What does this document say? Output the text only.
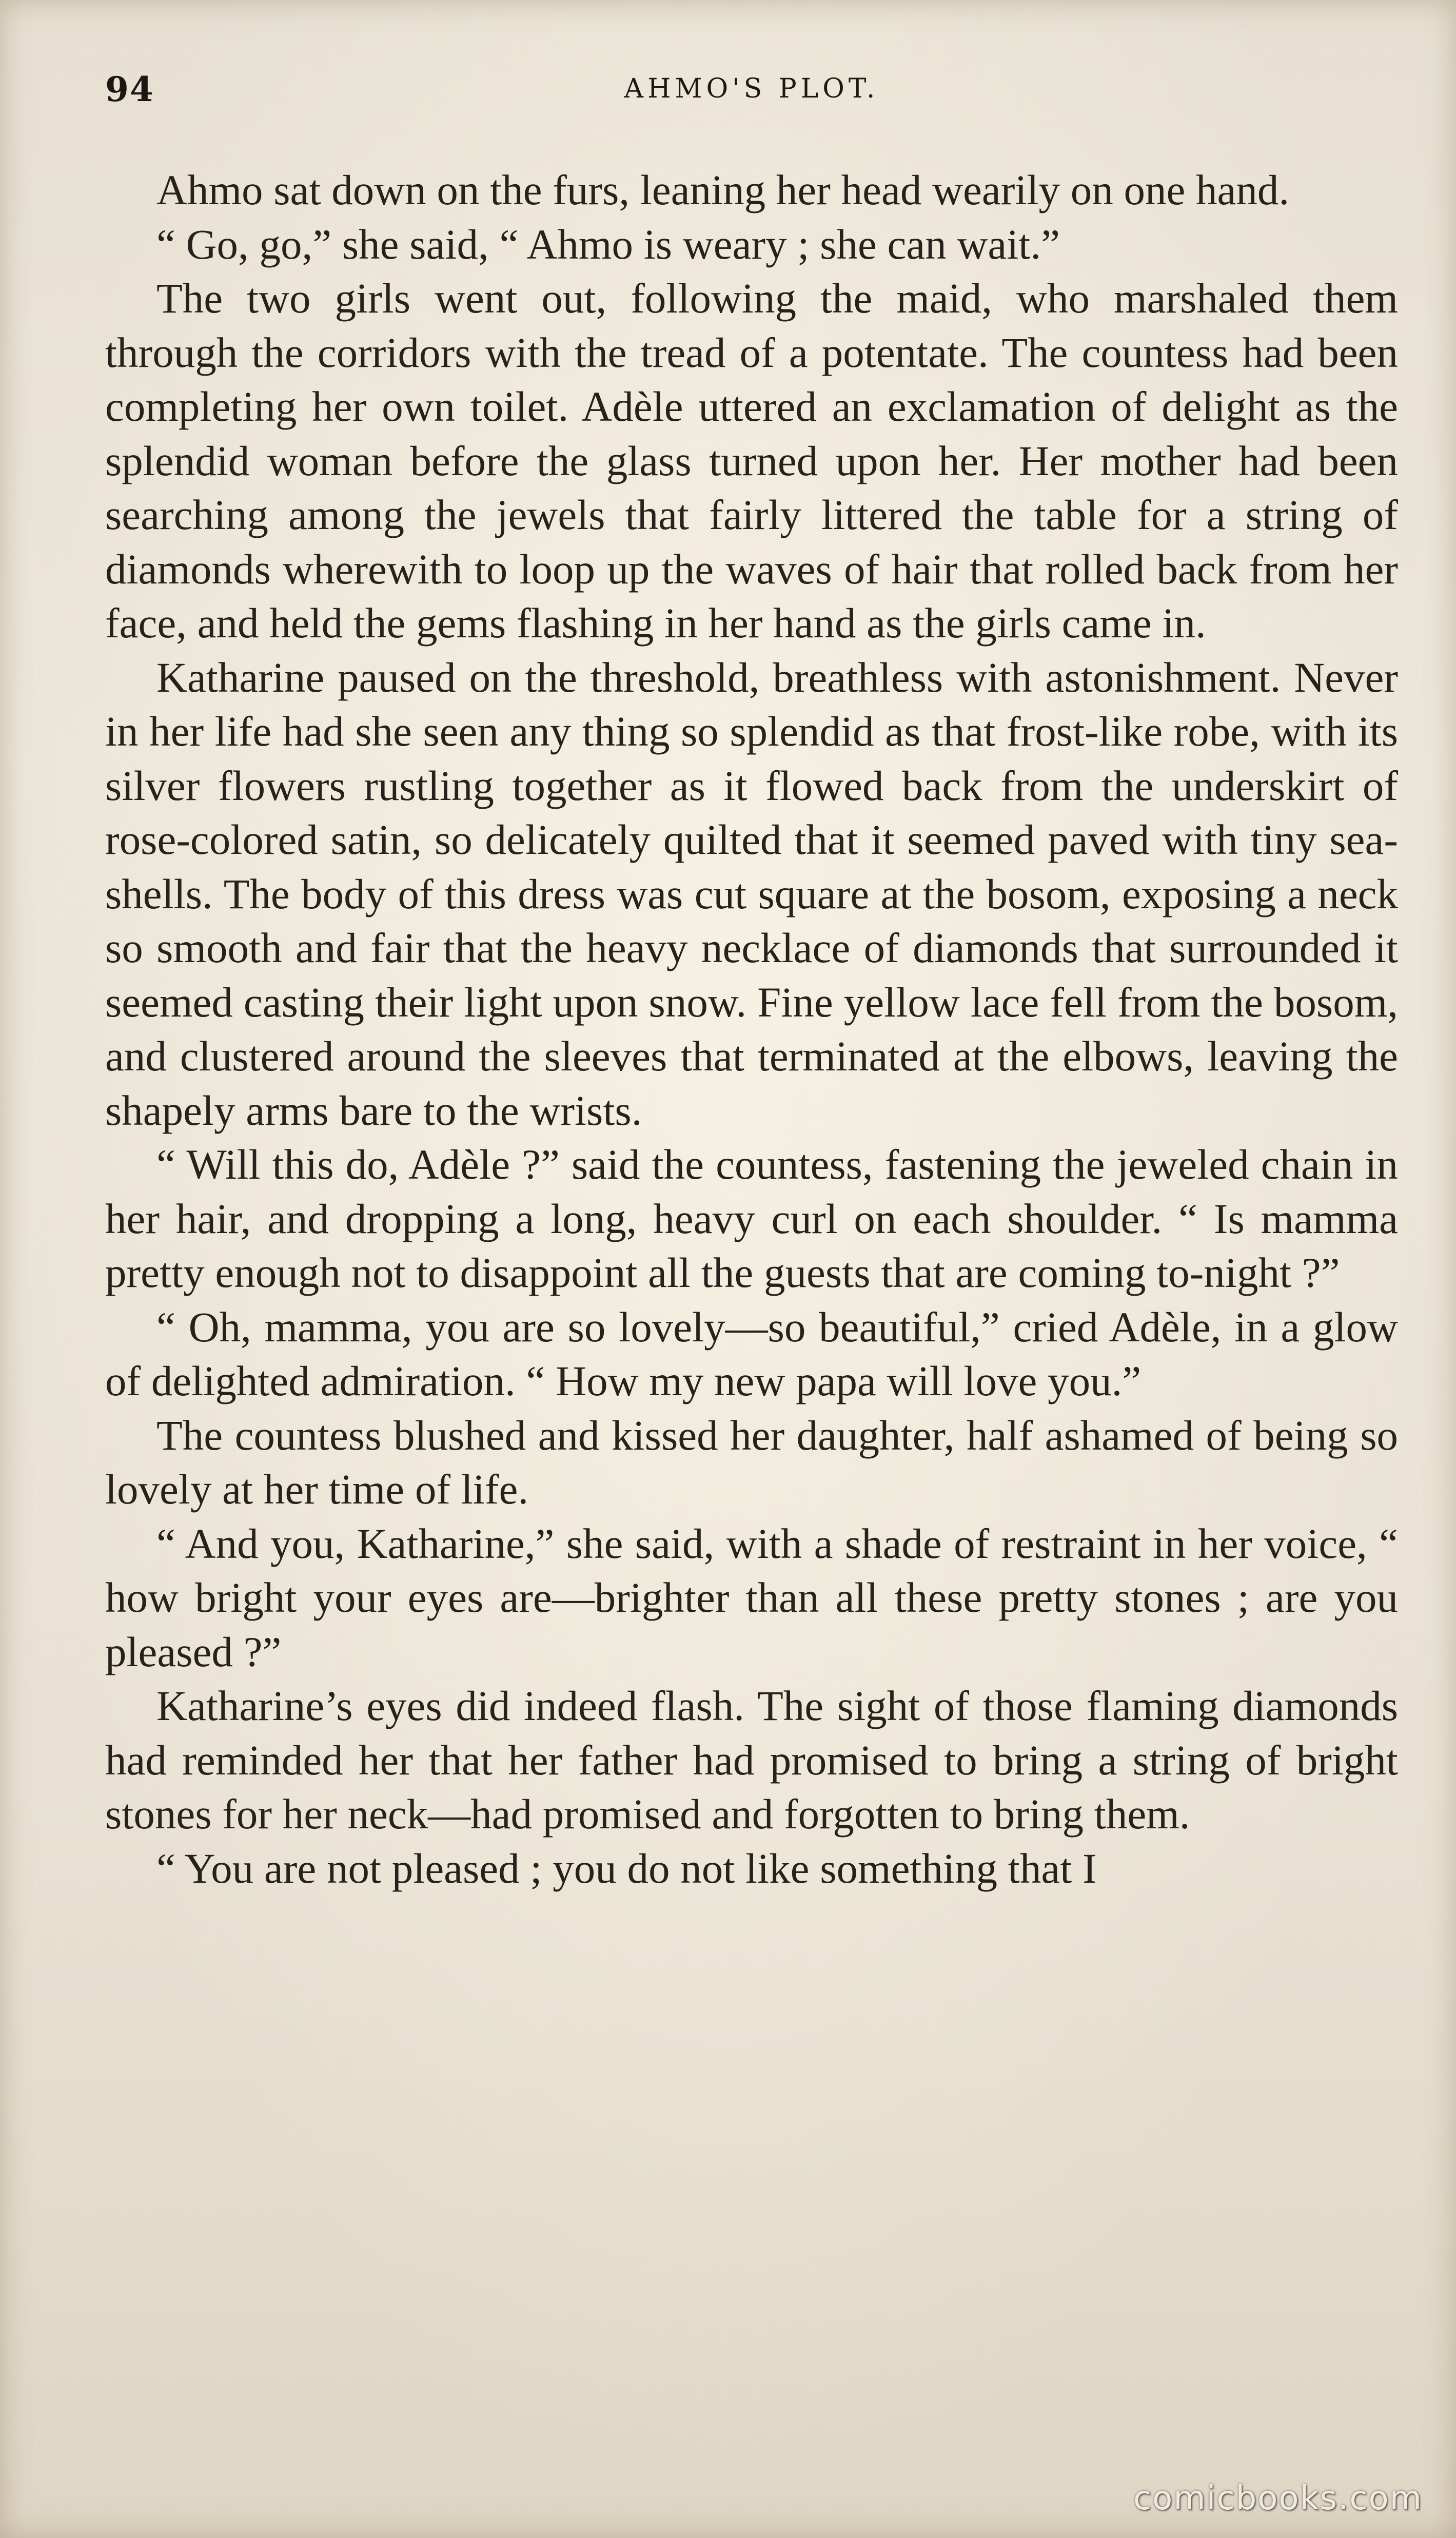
94	AHMO'S PLOT.

Ahmo sat down on the furs, leaning her head wearily on one hand.

“ Go, go,” she said, “ Ahmo is weary ; she can wait.”

The two girls went out, following the maid, who marshaled them through the corridors with the tread of a potentate. The countess had been completing her own toilet. Adèle uttered an exclamation of delight as the splendid woman before the glass turned upon her. Her mother had been searching among the jewels that fairly littered the table for a string of diamonds wherewith to loop up the waves of hair that rolled back from her face, and held the gems flashing in her hand as the girls came in.

Katharine paused on the threshold, breathless with astonishment. Never in her life had she seen any thing so splendid as that frost-like robe, with its silver flowers rustling together as it flowed back from the underskirt of rose-colored satin, so delicately quilted that it seemed paved with tiny sea-shells. The body of this dress was cut square at the bosom, exposing a neck so smooth and fair that the heavy necklace of diamonds that surrounded it seemed casting their light upon snow. Fine yellow lace fell from the bosom, and clustered around the sleeves that terminated at the elbows, leaving the shapely arms bare to the wrists.

“ Will this do, Adèle ?” said the countess, fastening the jeweled chain in her hair, and dropping a long, heavy curl on each shoulder. “ Is mamma pretty enough not to disappoint all the guests that are coming to-night ?”

“ Oh, mamma, you are so lovely—so beautiful,” cried Adèle, in a glow of delighted admiration. “ How my new papa will love you.”

The countess blushed and kissed her daughter, half ashamed of being so lovely at her time of life.

“ And you, Katharine,” she said, with a shade of restraint in her voice, “ how bright your eyes are—brighter than all these pretty stones ; are you pleased ?”

Katharine’s eyes did indeed flash. The sight of those flaming diamonds had reminded her that her father had promised to bring a string of bright stones for her neck—had promised and forgotten to bring them.

“ You are not pleased ; you do not like something that I

comicbooks.com
